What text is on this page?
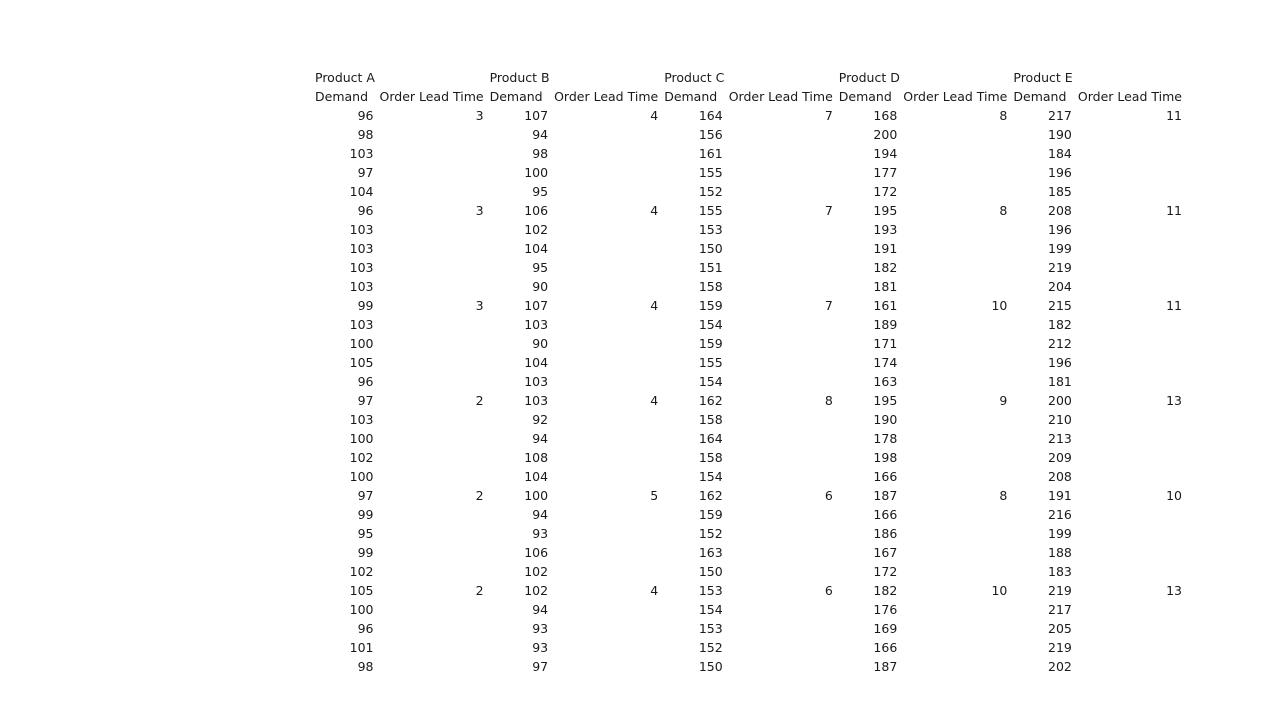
Product A		Product B		Product C		Product D		Product E	
Demand	Order Lead Time	Demand	Order Lead Time	Demand	Order Lead Time	Demand	Order Lead Time	Demand	Order Lead Time
96	3	107	4	164	7	168	8	217	11
98		94		156		200		190	
103		98		161		194		184	
97		100		155		177		196	
104		95		152		172		185	
96	3	106	4	155	7	195	8	208	11
103		102		153		193		196	
103		104		150		191		199	
103		95		151		182		219	
103		90		158		181		204	
99	3	107	4	159	7	161	10	215	11
103		103		154		189		182	
100		90		159		171		212	
105		104		155		174		196	
96		103		154		163		181	
97	2	103	4	162	8	195	9	200	13
103		92		158		190		210	
100		94		164		178		213	
102		108		158		198		209	
100		104		154		166		208	
97	2	100	5	162	6	187	8	191	10
99		94		159		166		216	
95		93		152		186		199	
99		106		163		167		188	
102		102		150		172		183	
105	2	102	4	153	6	182	10	219	13
100		94		154		176		217	
96		93		153		169		205	
101		93		152		166		219	
98		97		150		187		202	
